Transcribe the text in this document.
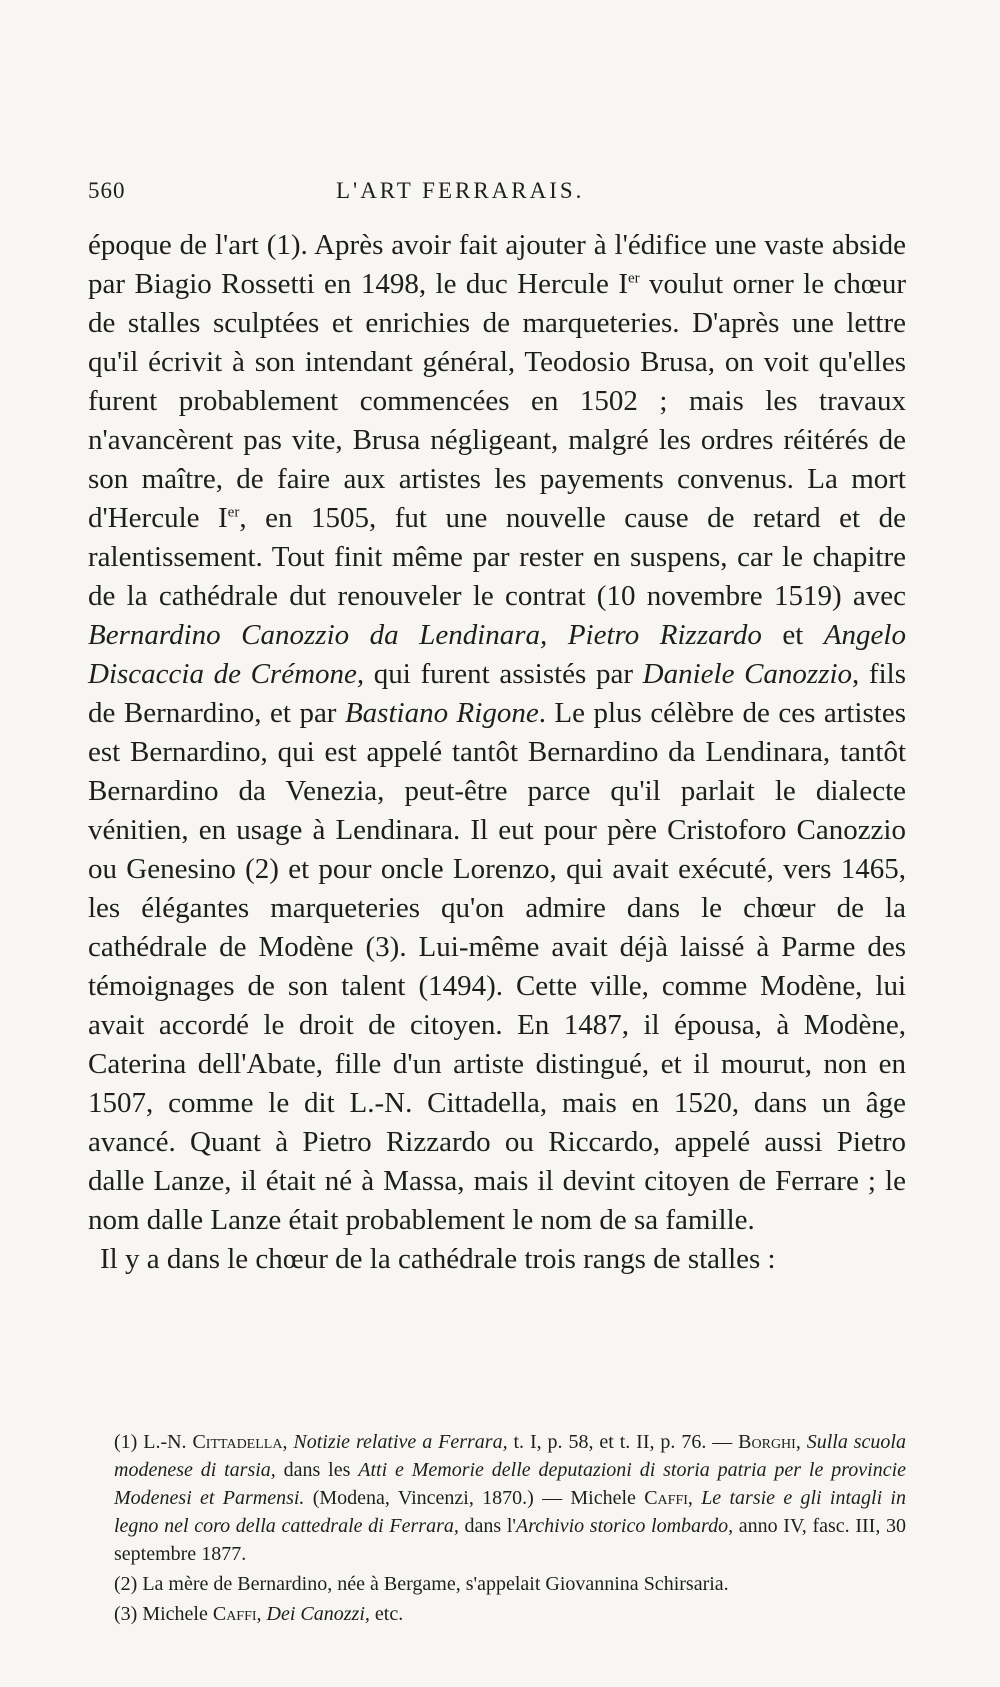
560	L'ART FERRARAIS.

époque de l'art (1). Après avoir fait ajouter à l'édifice une vaste abside par Biagio Rossetti en 1498, le duc Hercule Ier voulut orner le chœur de stalles sculptées et enrichies de marqueteries. D'après une lettre qu'il écrivit à son intendant général, Teodosio Brusa, on voit qu'elles furent probablement commencées en 1502 ; mais les travaux n'avancèrent pas vite, Brusa négligeant, malgré les ordres réitérés de son maître, de faire aux artistes les payements convenus. La mort d'Hercule Ier, en 1505, fut une nouvelle cause de retard et de ralentissement. Tout finit même par rester en suspens, car le chapitre de la cathédrale dut renouveler le contrat (10 novembre 1519) avec Bernardino Canozzio da Lendinara, Pietro Rizzardo et Angelo Discaccia de Crémone, qui furent assistés par Daniele Canozzio, fils de Bernardino, et par Bastiano Rigone. Le plus célèbre de ces artistes est Bernardino, qui est appelé tantôt Bernardino da Lendinara, tantôt Bernardino da Venezia, peut-être parce qu'il parlait le dialecte vénitien, en usage à Lendinara. Il eut pour père Cristoforo Canozzio ou Genesino (2) et pour oncle Lorenzo, qui avait exécuté, vers 1465, les élégantes marqueteries qu'on admire dans le chœur de la cathédrale de Modène (3). Lui-même avait déjà laissé à Parme des témoignages de son talent (1494). Cette ville, comme Modène, lui avait accordé le droit de citoyen. En 1487, il épousa, à Modène, Caterina dell'Abate, fille d'un artiste distingué, et il mourut, non en 1507, comme le dit L.-N. Cittadella, mais en 1520, dans un âge avancé. Quant à Pietro Rizzardo ou Riccardo, appelé aussi Pietro dalle Lanze, il était né à Massa, mais il devint citoyen de Ferrare ; le nom dalle Lanze était probablement le nom de sa famille.

Il y a dans le chœur de la cathédrale trois rangs de stalles :

(1) L.-N. Cittadella, Notizie relative a Ferrara, t. I, p. 58, et t. II, p. 76. — Borghi, Sulla scuola modenese di tarsia, dans les Atti e Memorie delle deputazioni di storia patria per le provincie Modenesi et Parmensi. (Modena, Vincenzi, 1870.) — Michele Caffi, Le tarsie e gli intagli in legno nel coro della cattedrale di Ferrara, dans l'Archivio storico lombardo, anno IV, fasc. III, 30 septembre 1877.

(2) La mère de Bernardino, née à Bergame, s'appelait Giovannina Schirsaria.

(3) Michele Caffi, Dei Canozzi, etc.
